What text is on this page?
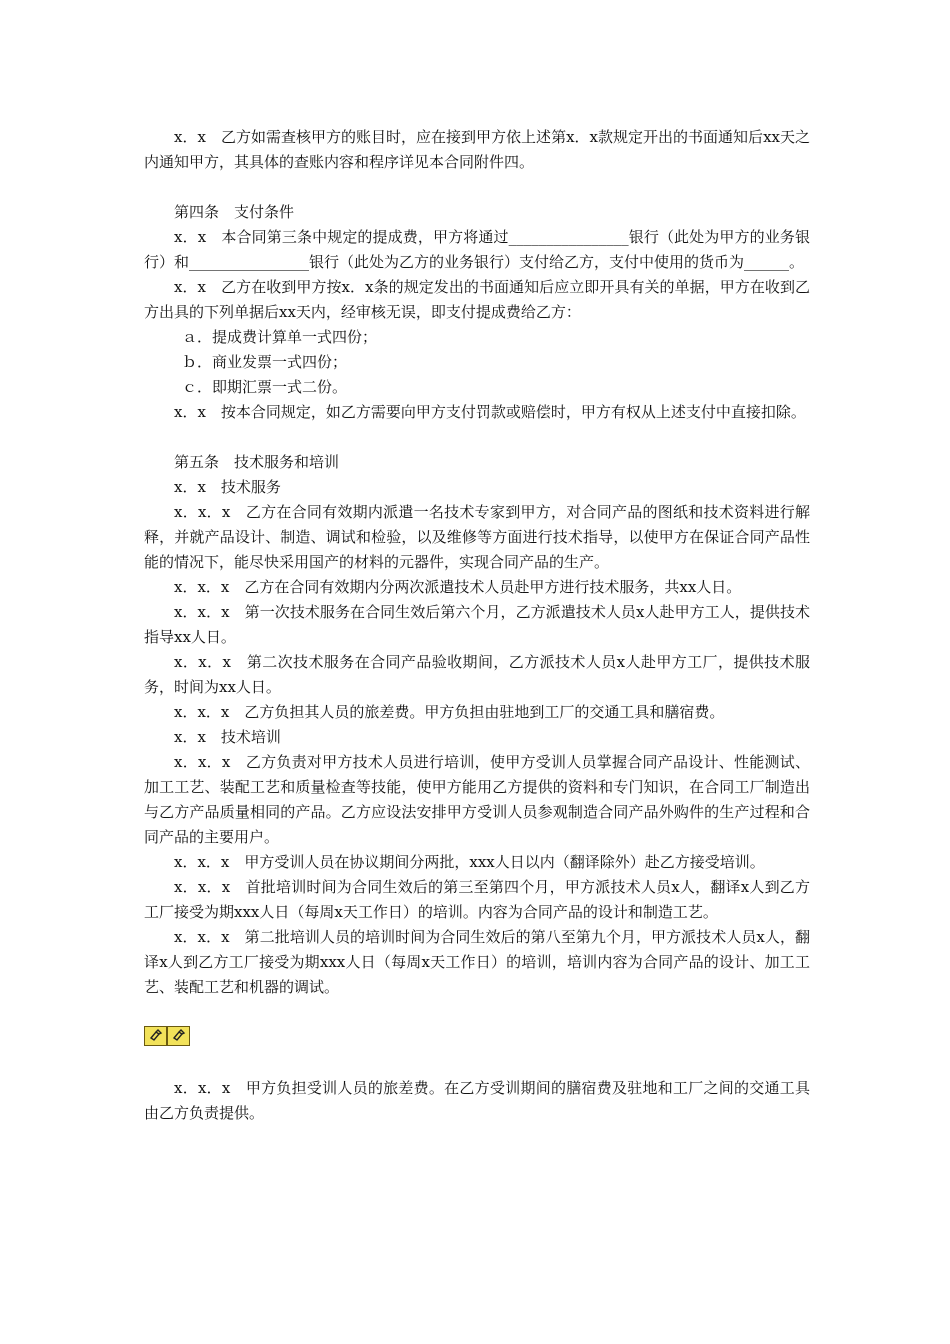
x．x　乙方如需查核甲方的账目时，应在接到甲方依上述第x．x款规定开出的书面通知后xx天之内通知甲方，其具体的查账内容和程序详见本合同附件四。

第四条　支付条件

x．x　本合同第三条中规定的提成费，甲方将通过________________银行（此处为甲方的业务银行）和________________银行（此处为乙方的业务银行）支付给乙方，支付中使用的货币为______。

x．x　乙方在收到甲方按x．x条的规定发出的书面通知后应立即开具有关的单据，甲方在收到乙方出具的下列单据后xx天内，经审核无误，即支付提成费给乙方：

ａ．提成费计算单一式四份；

ｂ．商业发票一式四份；

ｃ．即期汇票一式二份。

x．x　按本合同规定，如乙方需要向甲方支付罚款或赔偿时，甲方有权从上述支付中直接扣除。

第五条　技术服务和培训

x．x　技术服务

x．x．x　乙方在合同有效期内派遣一名技术专家到甲方，对合同产品的图纸和技术资料进行解释，并就产品设计、制造、调试和检验，以及维修等方面进行技术指导，以使甲方在保证合同产品性能的情况下，能尽快采用国产的材料的元器件，实现合同产品的生产。

x．x．x　乙方在合同有效期内分两次派遣技术人员赴甲方进行技术服务，共xx人日。

x．x．x　第一次技术服务在合同生效后第六个月，乙方派遣技术人员x人赴甲方工人，提供技术指导xx人日。

x．x．x　第二次技术服务在合同产品验收期间，乙方派技术人员x人赴甲方工厂，提供技术服务，时间为xx人日。

x．x．x　乙方负担其人员的旅差费。甲方负担由驻地到工厂的交通工具和膳宿费。

x．x　技术培训

x．x．x　乙方负责对甲方技术人员进行培训，使甲方受训人员掌握合同产品设计、性能测试、加工工艺、装配工艺和质量检查等技能，使甲方能用乙方提供的资料和专门知识，在合同工厂制造出与乙方产品质量相同的产品。乙方应设法安排甲方受训人员参观制造合同产品外购件的生产过程和合同产品的主要用户。

x．x．x　甲方受训人员在协议期间分两批，xxx人日以内（翻译除外）赴乙方接受培训。

x．x．x　首批培训时间为合同生效后的第三至第四个月，甲方派技术人员x人，翻译x人到乙方工厂接受为期xxx人日（每周x天工作日）的培训。内容为合同产品的设计和制造工艺。

x．x．x　第二批培训人员的培训时间为合同生效后的第八至第九个月，甲方派技术人员x人，翻译x人到乙方工厂接受为期xxx人日（每周x天工作日）的培训，培训内容为合同产品的设计、加工工艺、装配工艺和机器的调试。

x．x．x　甲方负担受训人员的旅差费。在乙方受训期间的膳宿费及驻地和工厂之间的交通工具由乙方负责提供。
